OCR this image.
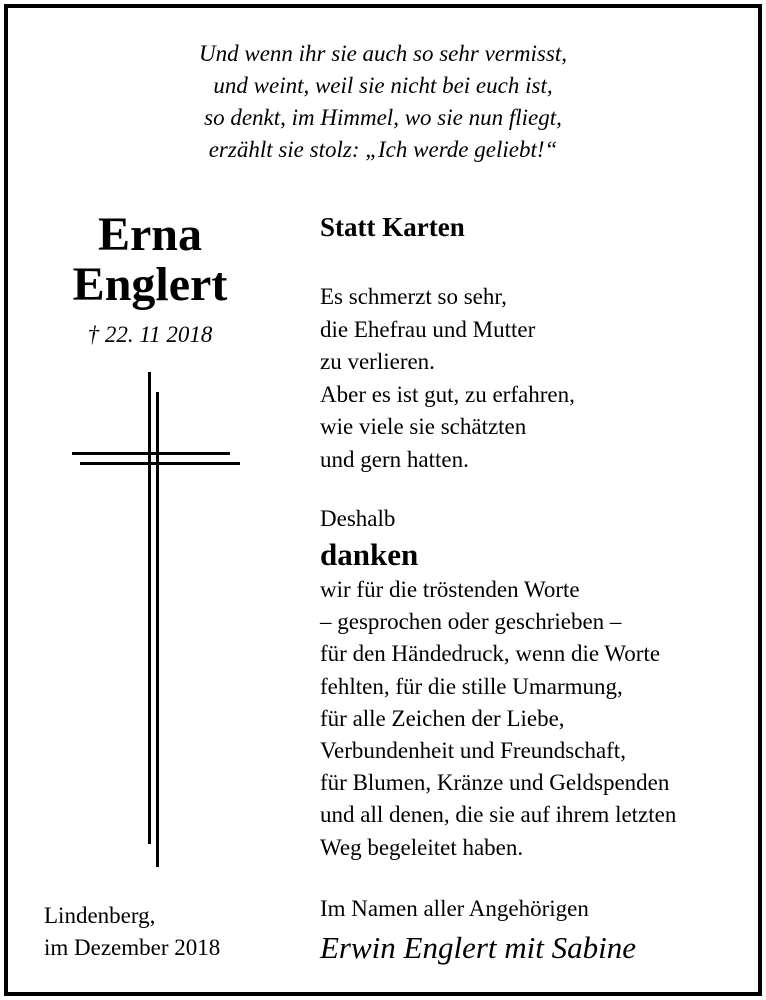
Und wenn ihr sie auch so sehr vermisst,
und weint, weil sie nicht bei euch ist,
so denkt, im Himmel, wo sie nun fliegt,
erzählt sie stolz: „Ich werde geliebt!“
Erna
Englert
† 22. 11 2018
Lindenberg,
im Dezember 2018
Statt Karten
Es schmerzt so sehr,
die Ehefrau und Mutter
zu verlieren.
Aber es ist gut, zu erfahren,
wie viele sie schätzten
und gern hatten.
Deshalb
danken
wir für die tröstenden Worte
– gesprochen oder geschrieben –
für den Händedruck, wenn die Worte
fehlten, für die stille Umarmung,
für alle Zeichen der Liebe,
Verbundenheit und Freundschaft,
für Blumen, Kränze und Geldspenden
und all denen, die sie auf ihrem letzten
Weg begeleitet haben.
Im Namen aller Angehörigen
Erwin Englert mit Sabine
